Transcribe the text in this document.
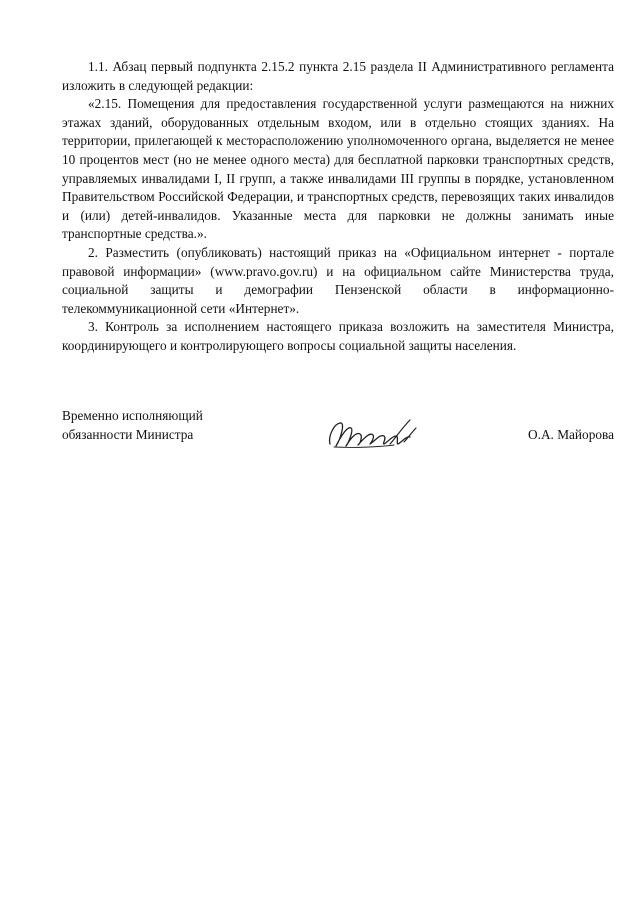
1.1. Абзац первый подпункта 2.15.2 пункта 2.15 раздела II Административного регламента изложить в следующей редакции:

«2.15. Помещения для предоставления государственной услуги размещаются на нижних этажах зданий, оборудованных отдельным входом, или в отдельно стоящих зданиях. На территории, прилегающей к месторасположению уполномоченного органа, выделяется не менее 10 процентов мест (но не менее одного места) для бесплатной парковки транспортных средств, управляемых инвалидами I, II групп, а также инвалидами III группы в порядке, установленном Правительством Российской Федерации, и транспортных средств, перевозящих таких инвалидов и (или) детей-инвалидов. Указанные места для парковки не должны занимать иные транспортные средства.».

2. Разместить (опубликовать) настоящий приказ на «Официальном интернет - портале правовой информации» (www.pravo.gov.ru) и на официальном сайте Министерства труда, социальной защиты и демографии Пензенской области в информационно-телекоммуникационной сети «Интернет».

3. Контроль за исполнением настоящего приказа возложить на заместителя Министра, координирующего и контролирующего вопросы социальной защиты населения.

Временно исполняющий
обязанности Министра	О.А. Майорова
